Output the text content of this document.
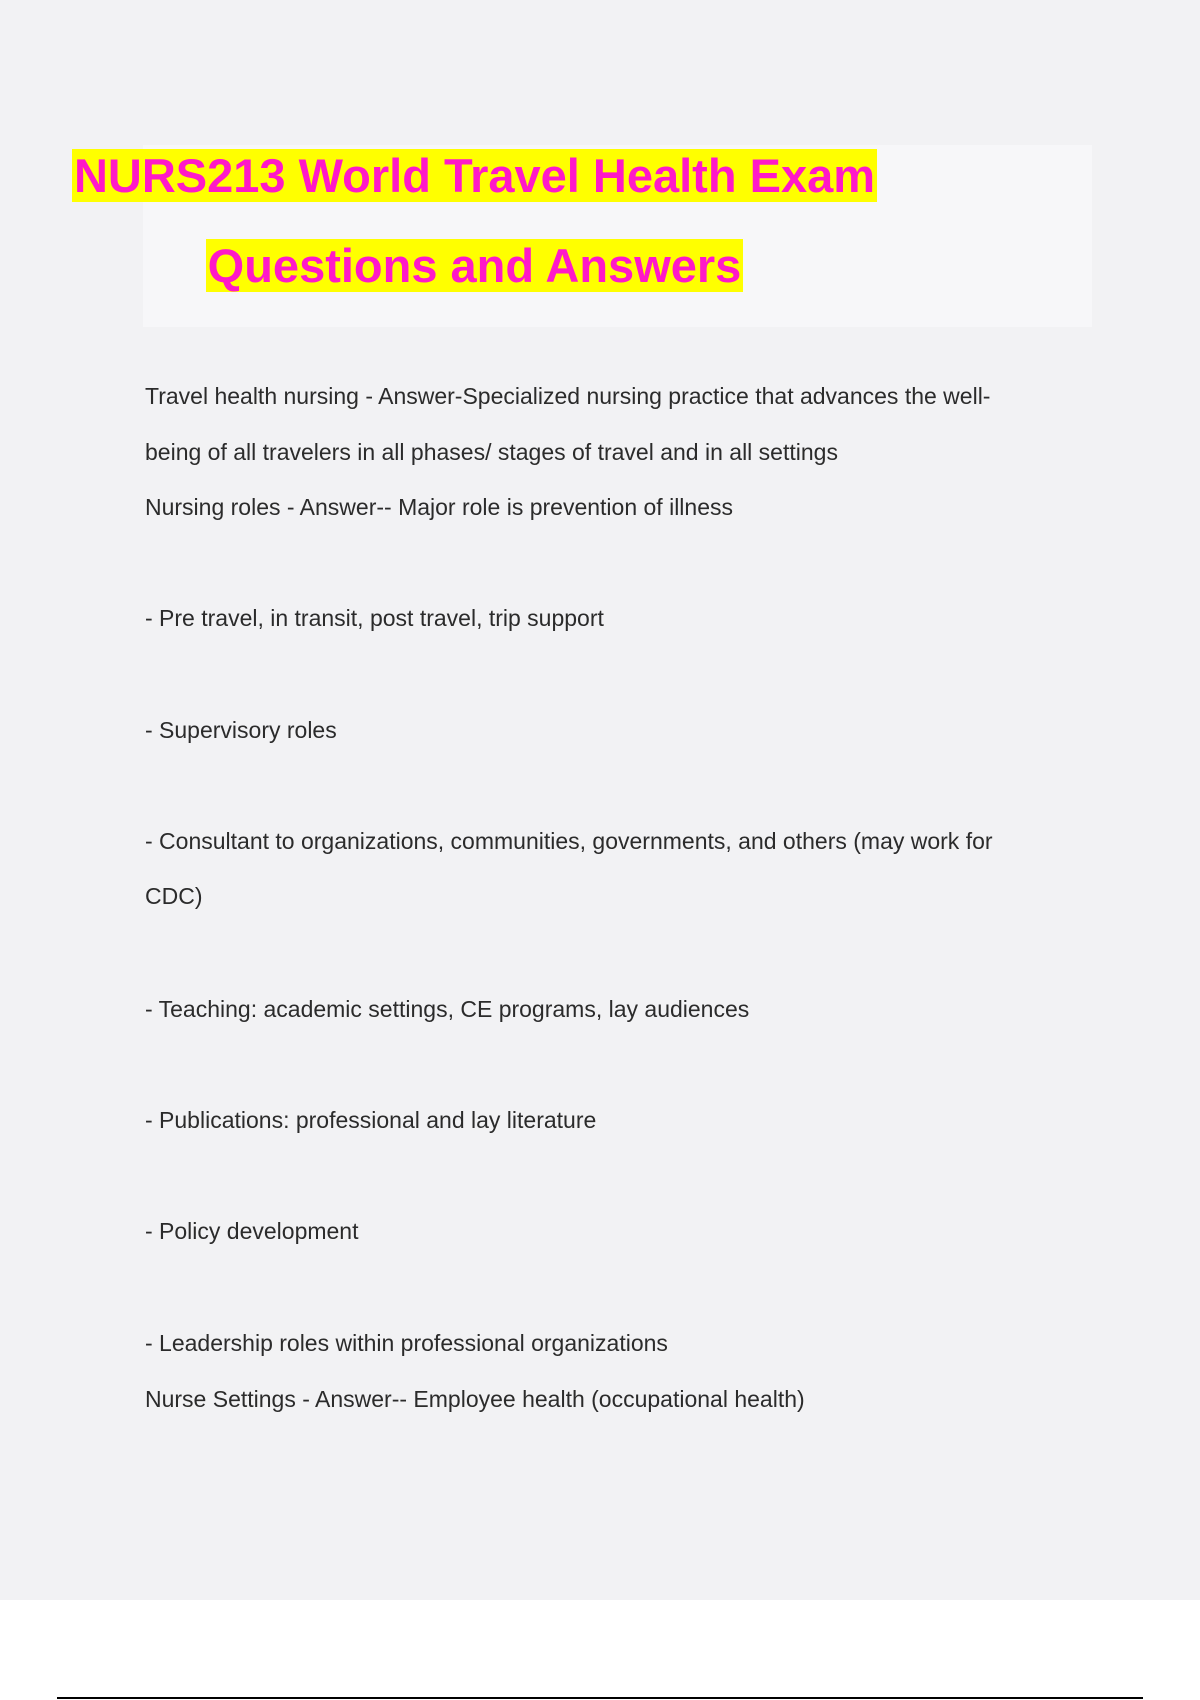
NURS213 World Travel Health Exam
Questions and Answers
Travel health nursing - Answer-Specialized nursing practice that advances the well-
being of all travelers in all phases/ stages of travel and in all settings
Nursing roles - Answer-- Major role is prevention of illness
- Pre travel, in transit, post travel, trip support
- Supervisory roles
- Consultant to organizations, communities, governments, and others (may work for
CDC)
- Teaching: academic settings, CE programs, lay audiences
- Publications: professional and lay literature
- Policy development
- Leadership roles within professional organizations
Nurse Settings - Answer-- Employee health (occupational health)
